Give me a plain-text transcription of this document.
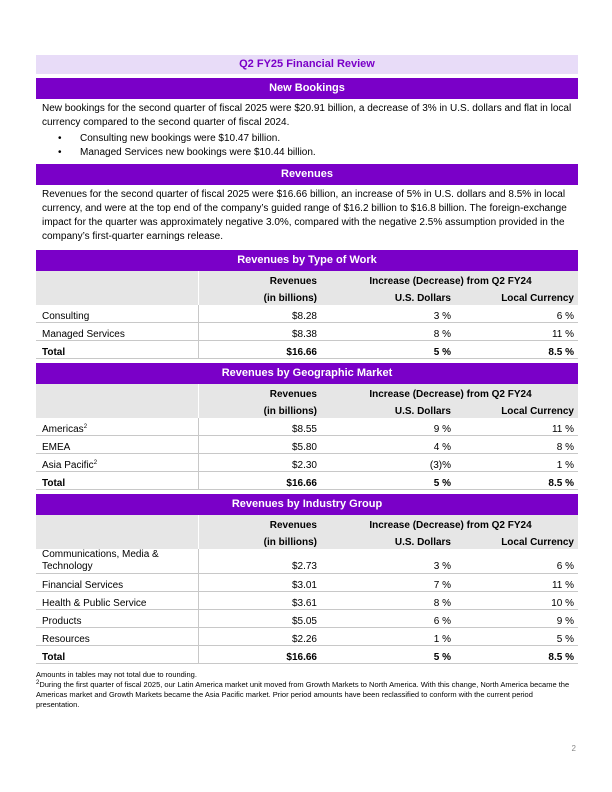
Q2 FY25 Financial Review
New Bookings
New bookings for the second quarter of fiscal 2025 were $20.91 billion, a decrease of 3% in U.S. dollars and flat in local currency compared to the second quarter of fiscal 2024.
• Consulting new bookings were $10.47 billion.
• Managed Services new bookings were $10.44 billion.
Revenues
Revenues for the second quarter of fiscal 2025 were $16.66 billion, an increase of 5% in U.S. dollars and 8.5% in local currency, and were at the top end of the company’s guided range of $16.2 billion to $16.8 billion. The foreign-exchange impact for the quarter was approximately negative 3.0%, compared with the negative 2.5% assumption provided in the company’s first-quarter earnings release.
Revenues by Type of Work
	Revenues	Increase (Decrease) from Q2 FY24	
	(in billions)	U.S. Dollars	Local Currency
Consulting	$8.28	3 %	6 %
Managed Services	$8.38	8 %	11 %
Total	$16.66	5 %	8.5 %
Revenues by Geographic Market
	Revenues	Increase (Decrease) from Q2 FY24	
	(in billions)	U.S. Dollars	Local Currency
Americas$^2$	$8.55	9 %	11 %
EMEA	$5.80	4 %	8 %
Asia Pacific$^2$	$2.30	(3)%	1 %
Total	$16.66	5 %	8.5 %
Revenues by Industry Group
	Revenues	Increase (Decrease) from Q2 FY24	
	(in billions)	U.S. Dollars	Local Currency
Communications, Media & Technology	$2.73	3 %	6 %
Financial Services	$3.01	7 %	11 %
Health & Public Service	$3.61	8 %	10 %
Products	$5.05	6 %	9 %
Resources	$2.26	1 %	5 %
Total	$16.66	5 %	8.5 %
Amounts in tables may not total due to rounding.
$^2$During the first quarter of fiscal 2025, our Latin America market unit moved from Growth Markets to North America. With this change, North America became the Americas market and Growth Markets became the Asia Pacific market. Prior period amounts have been reclassified to conform with the current period presentation.
2
